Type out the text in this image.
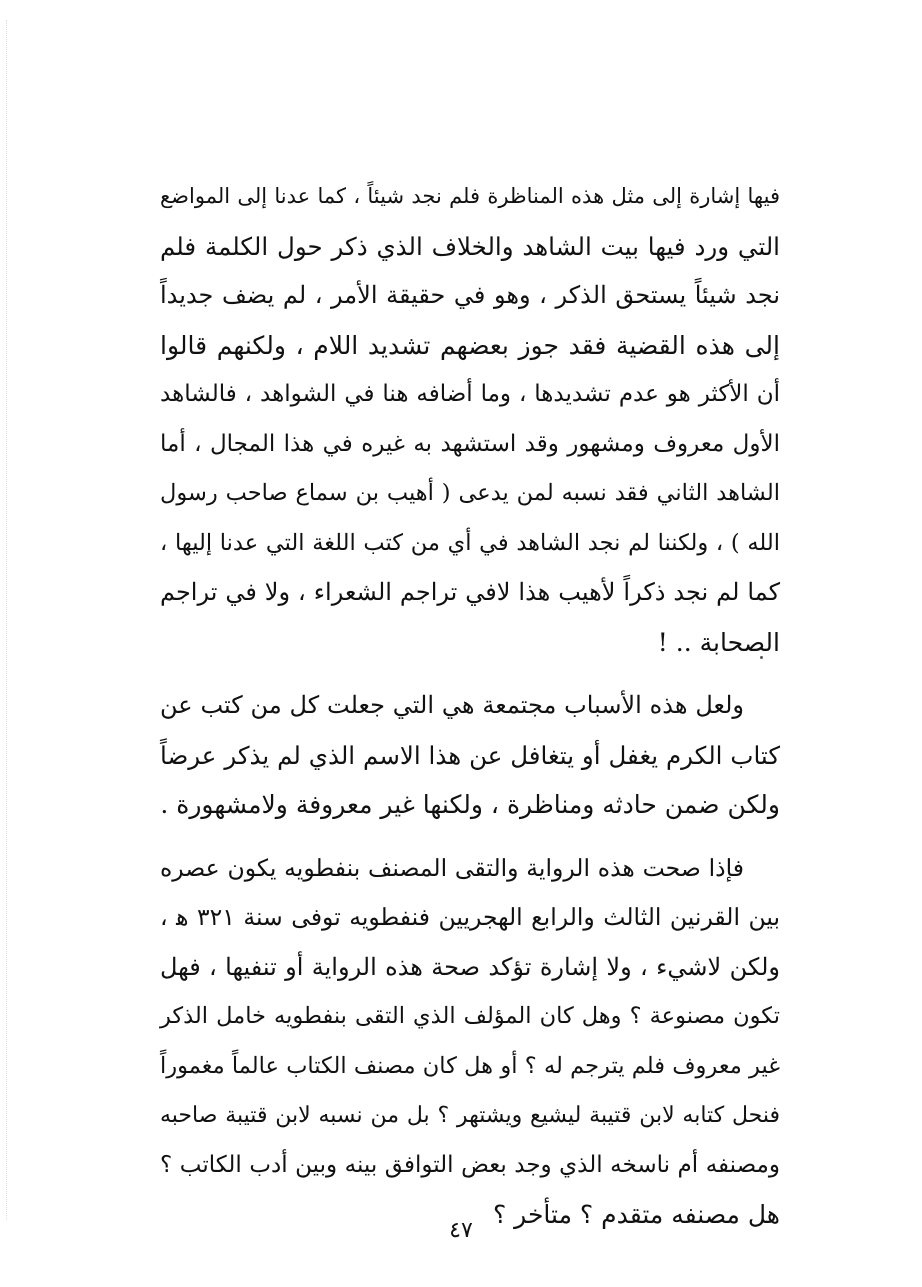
فيها إشارة إلى مثل هذه المناظرة فلم نجد شيئاً ، كما عدنا إلى المواضع
التي ورد فيها بيت الشاهد والخلاف الذي ذكر حول الكلمة فلم
نجد شيئاً يستحق الذكر ، وهو في حقيقة الأمر ، لم يضف جديداً
إلى هذه القضية فقد جوز بعضهم تشديد اللام ، ولكنهم قالوا
أن الأكثر هو عدم تشديدها ، وما أضافه هنا في الشواهد ، فالشاهد
الأول معروف ومشهور وقد استشهد به غيره في هذا المجال ، أما
الشاهد الثاني فقد نسبه لمن يدعى ( أهيب بن سماع صاحب رسول
الله ) ، ولكننا لم نجد الشاهد في أي من كتب اللغة التي عدنا إليها ،
كما لم نجد ذكراً لأهيب هذا لافي تراجم الشعراء ، ولا في تراجم
الصحابة .. !

ولعل هذه الأسباب مجتمعة هي التي جعلت كل من كتب عن
كتاب الكرم يغفل أو يتغافل عن هذا الاسم الذي لم يذكر عرضاً
ولكن ضمن حادثه ومناظرة ، ولكنها غير معروفة ولامشهورة .

فإذا صحت هذه الرواية والتقى المصنف بنفطويه يكون عصره
بين القرنين الثالث والرابع الهجريين فنفطويه توفى سنة ٣٢١ ﻫ ،
ولكن لاشيء ، ولا إشارة تؤكد صحة هذه الرواية أو تنفيها ، فهل
تكون مصنوعة ؟ وهل كان المؤلف الذي التقى بنفطويه خامل الذكر
غير معروف فلم يترجم له ؟ أو هل كان مصنف الكتاب عالماً مغموراً
فنحل كتابه لابن قتيبة ليشيع ويشتهر ؟ بل من نسبه لابن قتيبة صاحبه
ومصنفه أم ناسخه الذي وجد بعض التوافق بينه وبين أدب الكاتب ؟
هل مصنفه متقدم ؟ متأخر ؟

٤٧
